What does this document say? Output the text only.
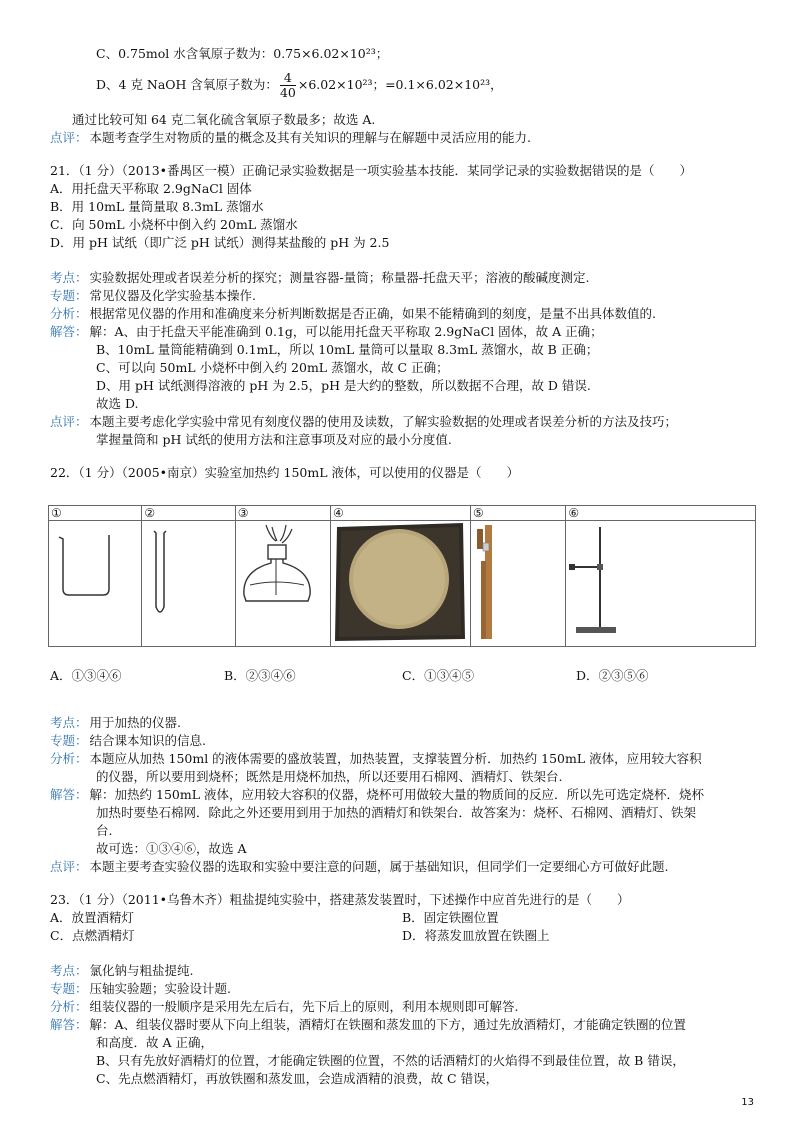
D、4 克 NaOH 含氧原子数为： $\frac{4}{40} \times 6.02\times 10^{23}$；=0.1×6.02×10²³，
①	②	③	④	⑤	⑥
13
C、0.75mol 水含氧原子数为：0.75×6.02×10²³；
通过比较可知 64 克二氧化硫含氧原子数最多；故选 A.
点评： 本题考查学生对物质的量的概念及其有关知识的理解与在解题中灵活应用的能力.
21．（1 分）（2013•番禺区一模）正确记录实验数据是一项实验基本技能．某同学记录的实验数据错误的是（　　）
A．用托盘天平称取 2.9gNaCl 固体
B．用 10mL 量筒量取 8.3mL 蒸馏水
C．向 50mL 小烧杯中倒入约 20mL 蒸馏水
D．用 pH 试纸（即广泛 pH 试纸）测得某盐酸的 pH 为 2.5
考点： 实验数据处理或者误差分析的探究；测量容器-量筒；称量器-托盘天平；溶液的酸碱度测定.
专题： 常见仪器及化学实验基本操作.
分析： 根据常见仪器的作用和准确度来分析判断数据是否正确，如果不能精确到的刻度，是量不出具体数值的.
解答： 解：A、由于托盘天平能准确到 0.1g，可以能用托盘天平称取 2.9gNaCl 固体，故 A 正确；
B、10mL 量筒能精确到 0.1mL，所以 10mL 量筒可以量取 8.3mL 蒸馏水，故 B 正确；
C、可以向 50mL 小烧杯中倒入约 20mL 蒸馏水，故 C 正确；
D、用 pH 试纸测得溶液的 pH 为 2.5，pH 是大约的整数，所以数据不合理，故 D 错误.
故选 D.
点评： 本题主要考虑化学实验中常见有刻度仪器的使用及读数，了解实验数据的处理或者误差分析的方法及技巧；
掌握量筒和 pH 试纸的使用方法和注意事项及对应的最小分度值.
22．（1 分）（2005•南京）实验室加热约 150mL 液体，可以使用的仪器是（　　）
考点： 用于加热的仪器.
专题： 结合课本知识的信息.
分析： 本题应从加热 150ml 的液体需要的盛放装置，加热装置，支撑装置分析．加热约 150mL 液体，应用较大容积
的仪器，所以要用到烧杯；既然是用烧杯加热，所以还要用石棉网、酒精灯、铁架台.
解答： 解：加热约 150mL 液体，应用较大容积的仪器，烧杯可用做较大量的物质间的反应．所以先可选定烧杯．烧杯
加热时要垫石棉网．除此之外还要用到用于加热的酒精灯和铁架台．故答案为：烧杯、石棉网、酒精灯、铁架
台.
故可选：①③④⑥，故选 A
点评： 本题主要考查实验仪器的选取和实验中要注意的问题，属于基础知识，但同学们一定要细心方可做好此题.
23．（1 分）（2011•乌鲁木齐）粗盐提纯实验中，搭建蒸发装置时，下述操作中应首先进行的是（　　）
A．放置酒精灯	B．固定铁圈位置
C．点燃酒精灯	D．将蒸发皿放置在铁圈上
考点： 氯化钠与粗盐提纯.
专题： 压轴实验题；实验设计题.
分析： 组装仪器的一般顺序是采用先左后右，先下后上的原则，利用本规则即可解答.
解答： 解：A、组装仪器时要从下向上组装，酒精灯在铁圈和蒸发皿的下方，通过先放酒精灯，才能确定铁圈的位置
和高度．故 A 正确，
B、只有先放好酒精灯的位置，才能确定铁圈的位置，不然的话酒精灯的火焰得不到最佳位置，故 B 错误，
C、先点燃酒精灯，再放铁圈和蒸发皿，会造成酒精的浪费，故 C 错误，
A．①③④⑥	B．②③④⑥	C．①③④⑤	D．②③⑤⑥
